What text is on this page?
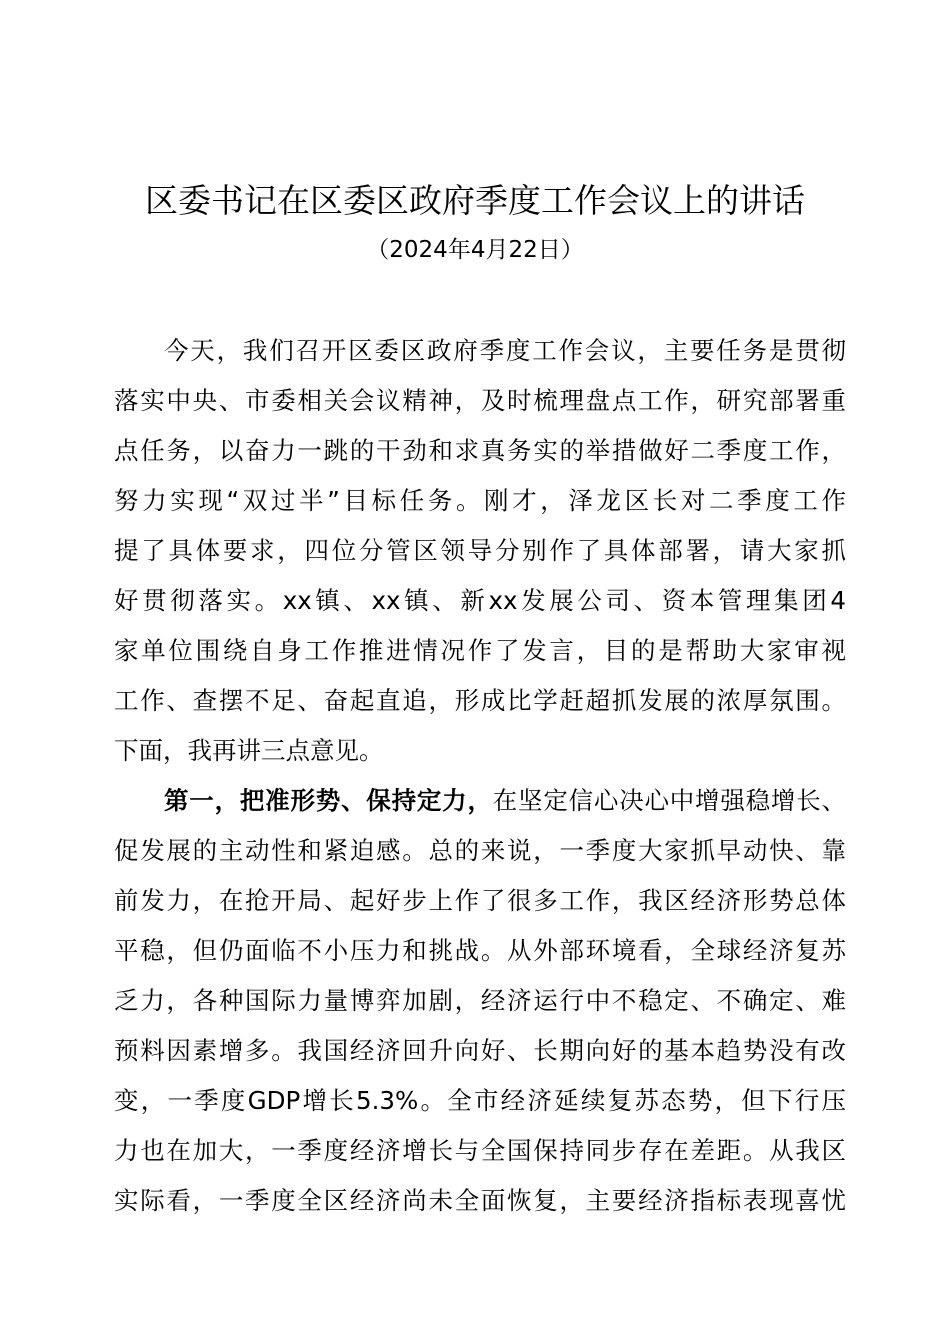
区委书记在区委区政府季度工作会议上的讲话
（2024年4月22日）
今天，我们召开区委区政府季度工作会议，主要任务是贯彻
落实中央、市委相关会议精神，及时梳理盘点工作，研究部署重
点任务，以奋力一跳的干劲和求真务实的举措做好二季度工作，
努力实现“双过半”目标任务。刚才，泽龙区长对二季度工作
提了具体要求，四位分管区领导分别作了具体部署，请大家抓
好贯彻落实。xx镇、xx镇、新xx发展公司、资本管理集团4
家单位围绕自身工作推进情况作了发言，目的是帮助大家审视
工作、查摆不足、奋起直追，形成比学赶超抓发展的浓厚氛围。
下面，我再讲三点意见。
第一，把准形势、保持定力，在坚定信心决心中增强稳增长、
促发展的主动性和紧迫感。总的来说，一季度大家抓早动快、靠
前发力，在抢开局、起好步上作了很多工作，我区经济形势总体
平稳，但仍面临不小压力和挑战。从外部环境看，全球经济复苏
乏力，各种国际力量博弈加剧，经济运行中不稳定、不确定、难
预料因素增多。我国经济回升向好、长期向好的基本趋势没有改
变，一季度GDP增长5.3%。全市经济延续复苏态势，但下行压
力也在加大，一季度经济增长与全国保持同步存在差距。从我区
实际看，一季度全区经济尚未全面恢复，主要经济指标表现喜忧
